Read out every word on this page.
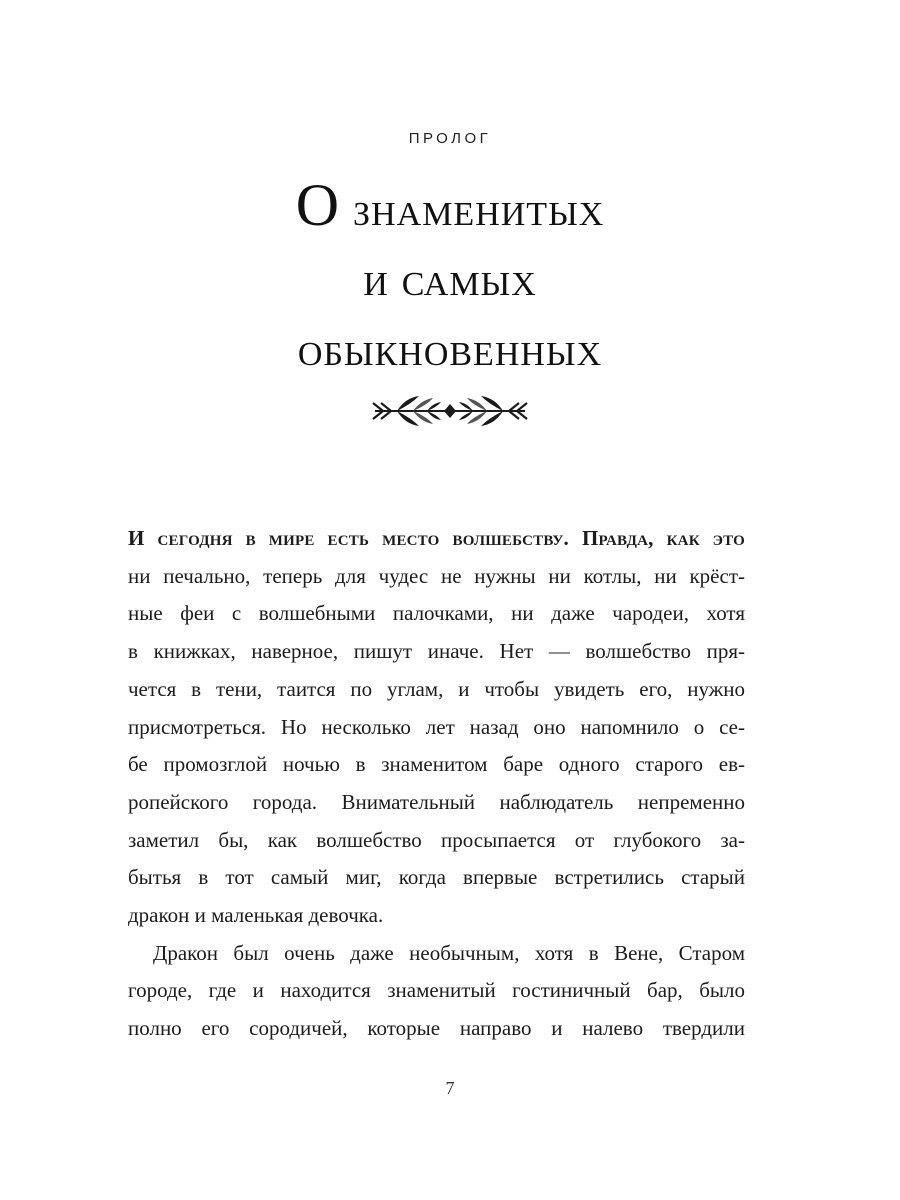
ПРОЛОГ
О знаменитых
и самых
обыкновенных
И сегодня в мире есть место волшебству. Правда, как это
ни печально, теперь для чудес не нужны ни котлы, ни крёст-
ные феи с волшебными палочками, ни даже чародеи, хотя
в книжках, наверное, пишут иначе. Нет — волшебство пря-
чется в тени, таится по углам, и чтобы увидеть его, нужно
присмотреться. Но несколько лет назад оно напомнило о се-
бе промозглой ночью в знаменитом баре одного старого ев-
ропейского города. Внимательный наблюдатель непременно
заметил бы, как волшебство просыпается от глубокого за-
бытья в тот самый миг, когда впервые встретились старый
дракон и маленькая девочка.
Дракон был очень даже необычным, хотя в Вене, Старом
городе, где и находится знаменитый гостиничный бар, было
полно его сородичей, которые направо и налево твердили
7
